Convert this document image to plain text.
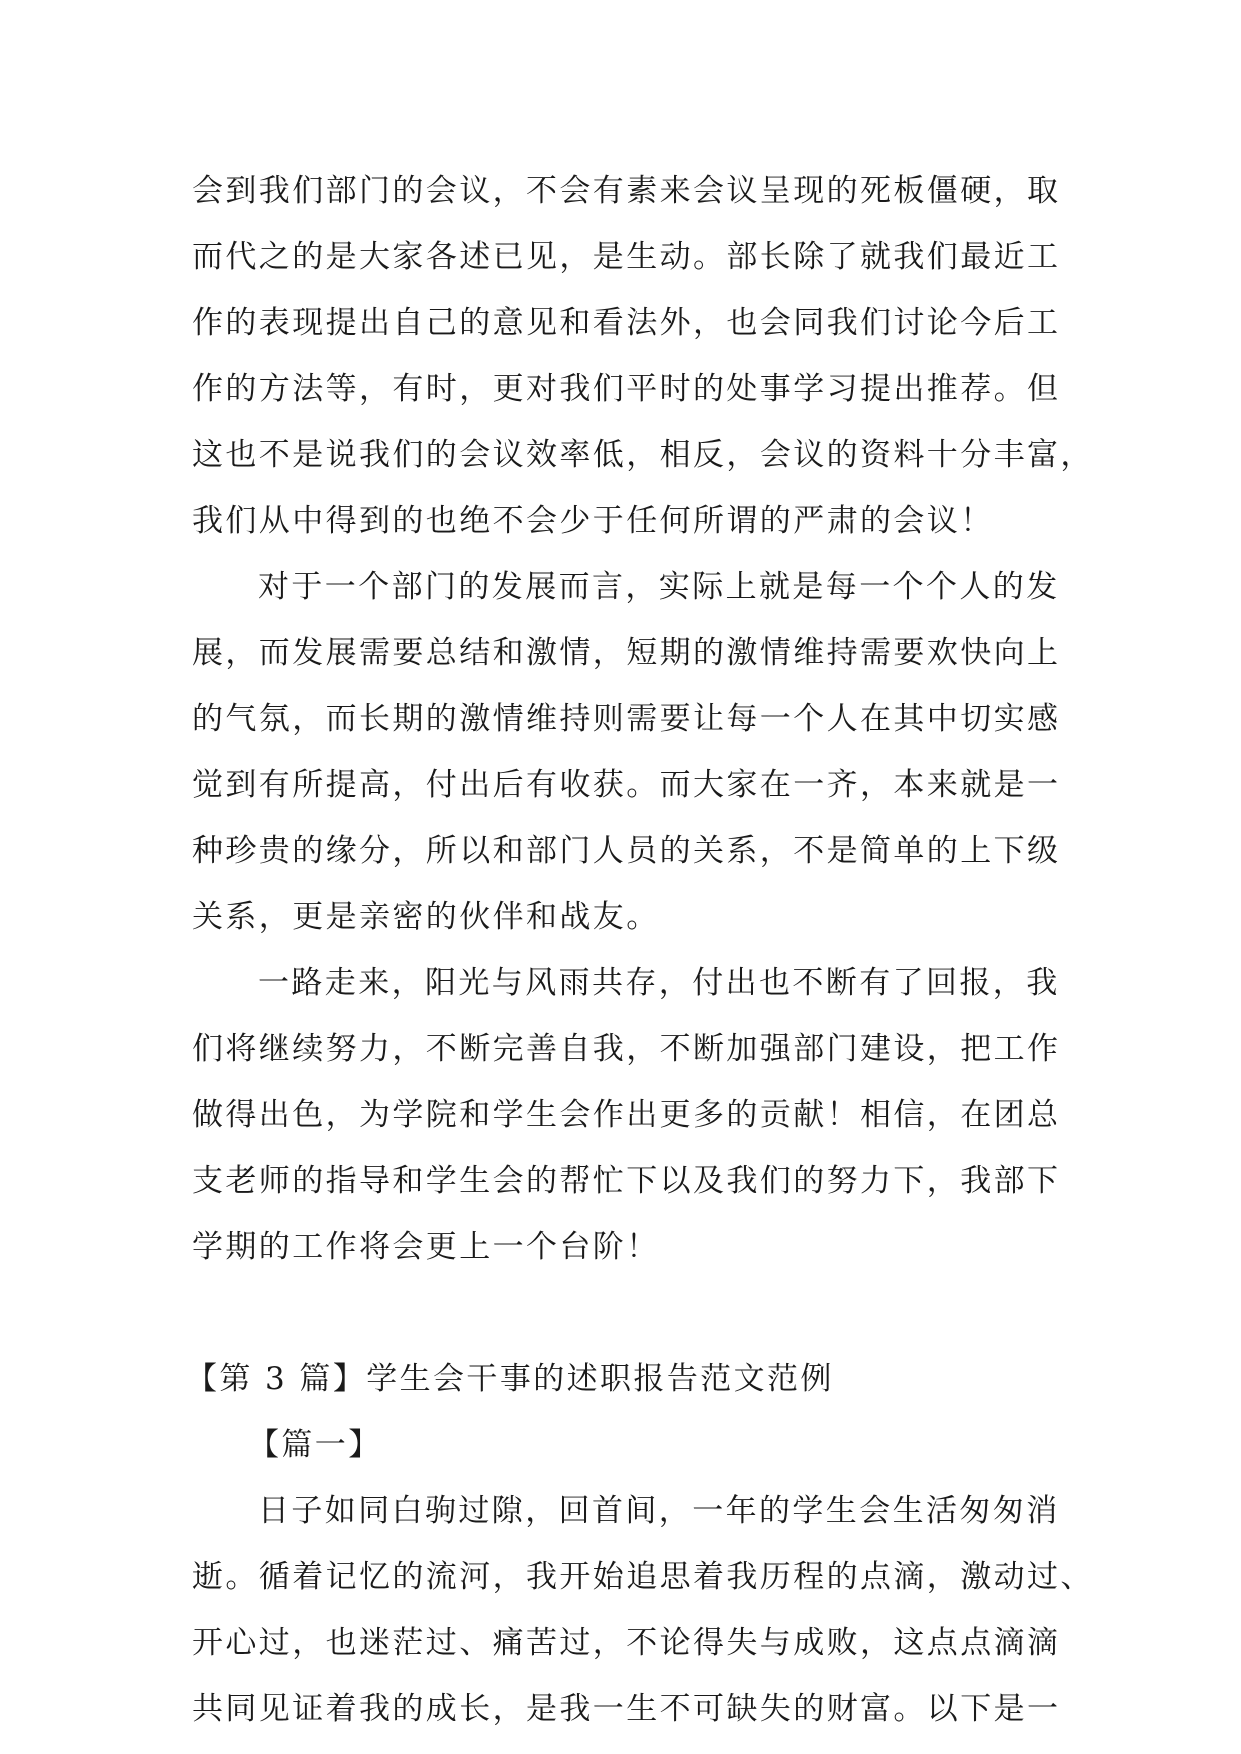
会到我们部门的会议，不会有素来会议呈现的死板僵硬，取
而代之的是大家各述已见，是生动。部长除了就我们最近工
作的表现提出自己的意见和看法外，也会同我们讨论今后工
作的方法等，有时，更对我们平时的处事学习提出推荐。但
这也不是说我们的会议效率低，相反，会议的资料十分丰富，
我们从中得到的也绝不会少于任何所谓的严肃的会议！
对于一个部门的发展而言，实际上就是每一个个人的发
展，而发展需要总结和激情，短期的激情维持需要欢快向上
的气氛，而长期的激情维持则需要让每一个人在其中切实感
觉到有所提高，付出后有收获。而大家在一齐，本来就是一
种珍贵的缘分，所以和部门人员的关系，不是简单的上下级
关系，更是亲密的伙伴和战友。
一路走来，阳光与风雨共存，付出也不断有了回报，我
们将继续努力，不断完善自我，不断加强部门建设，把工作
做得出色，为学院和学生会作出更多的贡献！相信，在团总
支老师的指导和学生会的帮忙下以及我们的努力下，我部下
学期的工作将会更上一个台阶！
【第 3 篇】学生会干事的述职报告范文范例
【篇一】
日子如同白驹过隙，回首间，一年的学生会生活匆匆消
逝。循着记忆的流河，我开始追思着我历程的点滴，激动过、
开心过，也迷茫过、痛苦过，不论得失与成败，这点点滴滴
共同见证着我的成长，是我一生不可缺失的财富。以下是一
